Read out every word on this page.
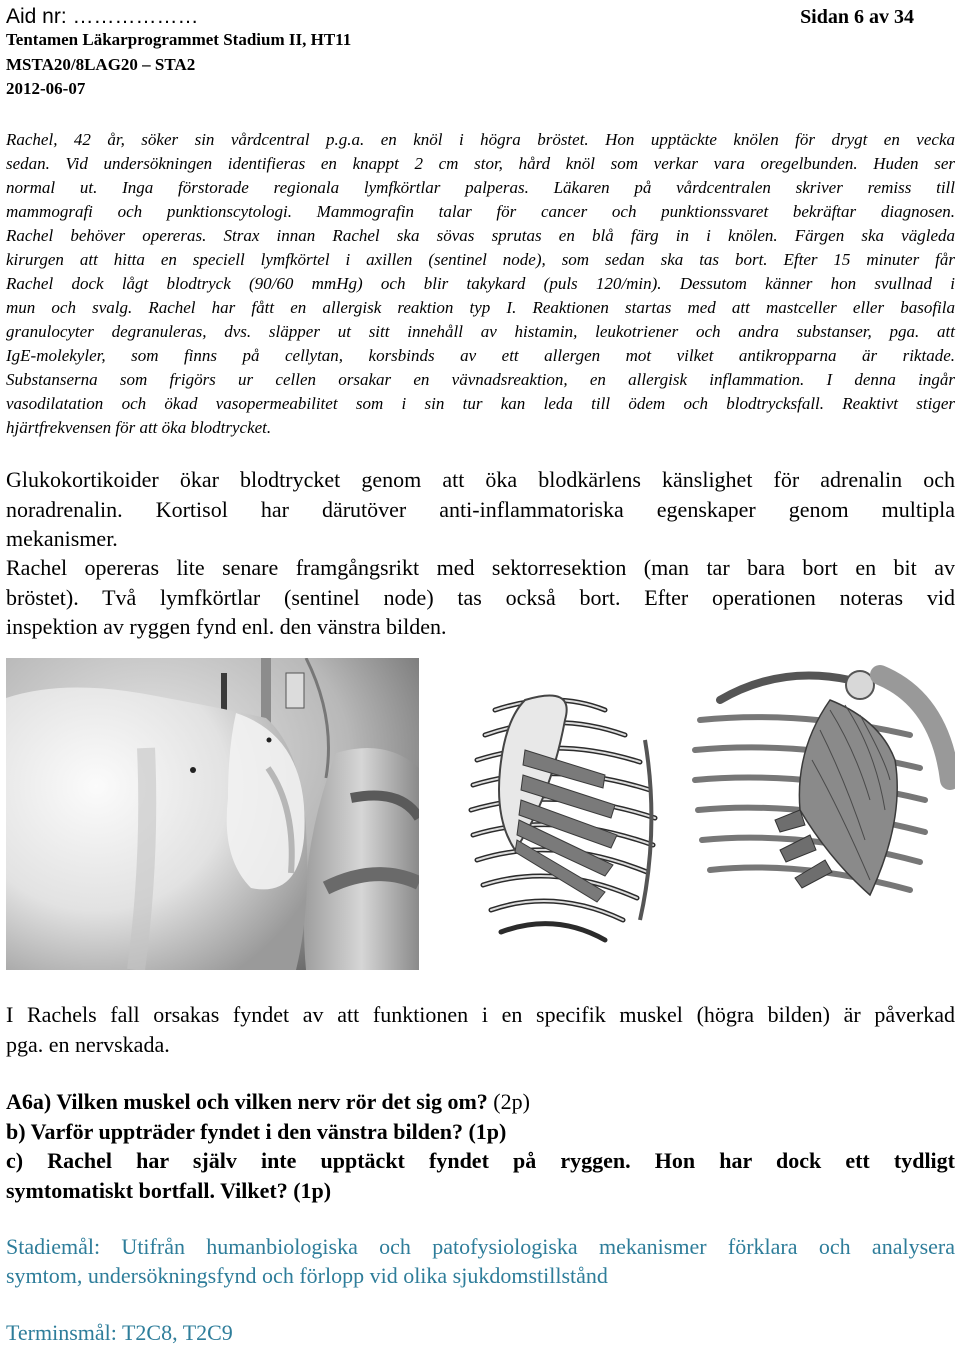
Aid nr: ………………	Sidan 6 av 34
Tentamen Läkarprogrammet Stadium II, HT11
MSTA20/8LAG20 – STA2
2012-06-07
Rachel, 42 år, söker sin vårdcentral p.g.a. en knöl i högra bröstet. Hon upptäckte knölen för drygt en vecka
sedan. Vid undersökningen identifieras en knappt 2 cm stor, hård knöl som verkar vara oregelbunden. Huden ser
normal ut. Inga förstorade regionala lymfkörtlar palperas. Läkaren på vårdcentralen skriver remiss till
mammografi och punktionscytologi. Mammografin talar för cancer och punktionssvaret bekräftar diagnosen.
Rachel behöver opereras. Strax innan Rachel ska sövas sprutas en blå färg in i knölen. Färgen ska vägleda
kirurgen att hitta en speciell lymfkörtel i axillen (sentinel node), som sedan ska tas bort. Efter 15 minuter får
Rachel dock lågt blodtryck (90/60 mmHg) och blir takykard (puls 120/min). Dessutom känner hon svullnad i
mun och svalg. Rachel har fått en allergisk reaktion typ I. Reaktionen startas med att mastceller eller basofila
granulocyter degranuleras, dvs. släpper ut sitt innehåll av histamin, leukotriener och andra substanser, pga. att
IgE-molekyler, som finns på cellytan, korsbinds av ett allergen mot vilket antikropparna är riktade.
Substanserna som frigörs ur cellen orsakar en vävnadsreaktion, en allergisk inflammation. I denna ingår
vasodilatation och ökad vasopermeabilitet som i sin tur kan leda till ödem och blodtrycksfall. Reaktivt stiger
hjärtfrekvensen för att öka blodtrycket.
Glukokortikoider ökar blodtrycket genom att öka blodkärlens känslighet för adrenalin och
noradrenalin. Kortisol har därutöver anti-inflammatoriska egenskaper genom multipla
mekanismer.
Rachel opereras lite senare framgångsrikt med sektorresektion (man tar bara bort en bit av
bröstet). Två lymfkörtlar (sentinel node) tas också bort. Efter operationen noteras vid
inspektion av ryggen fynd enl. den vänstra bilden.
I Rachels fall orsakas fyndet av att funktionen i en specifik muskel (högra bilden) är påverkad
pga. en nervskada.
A6a) Vilken muskel och vilken nerv rör det sig om? (2p)
b) Varför uppträder fyndet i den vänstra bilden? (1p)
c) Rachel har själv inte upptäckt fyndet på ryggen. Hon har dock ett tydligt
symtomatiskt bortfall. Vilket? (1p)
Stadiemål: Utifrån humanbiologiska och patofysiologiska mekanismer förklara och analysera
symtom, undersökningsfynd och förlopp vid olika sjukdomstillstånd
Terminsmål: T2C8, T2C9
